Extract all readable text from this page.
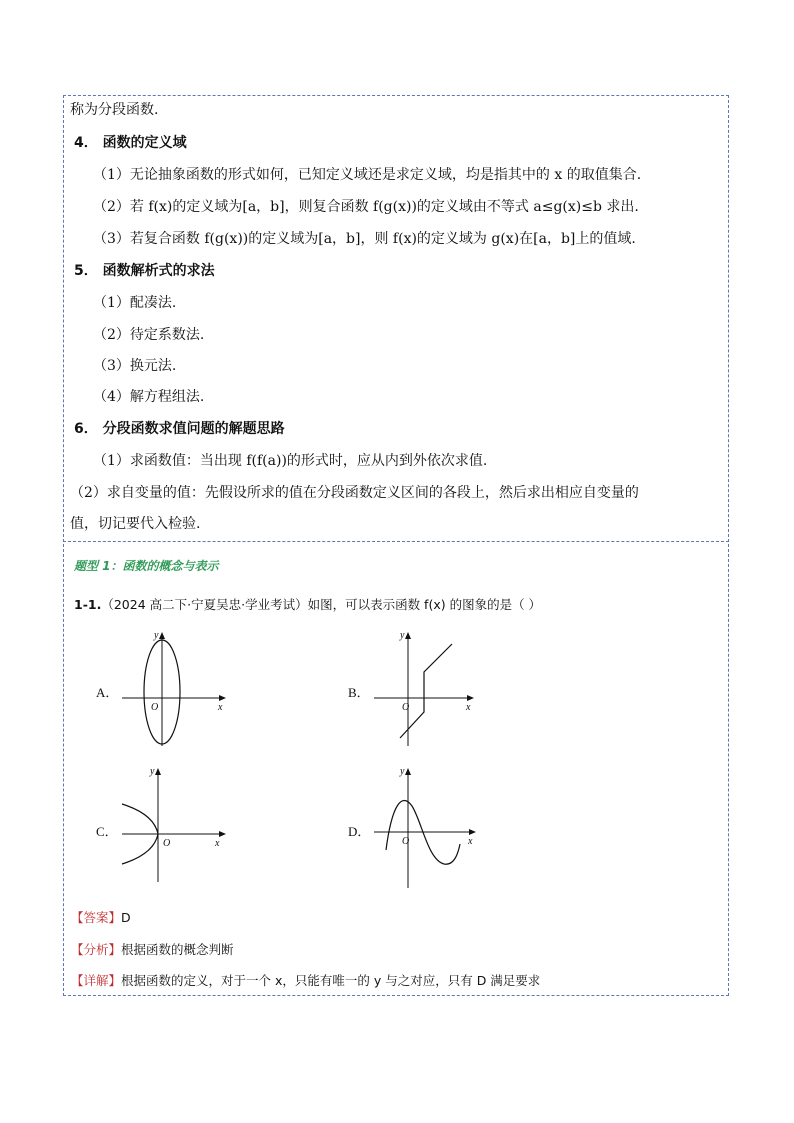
称为分段函数.
4． 函数的定义域
（1）无论抽象函数的形式如何，已知定义域还是求定义域，均是指其中的 x 的取值集合.
（2）若 f(x)的定义域为[a，b]，则复合函数 f(g(x))的定义域由不等式 a≤g(x)≤b 求出.
（3）若复合函数 f(g(x))的定义域为[a，b]，则 f(x)的定义域为 g(x)在[a，b]上的值域.
5． 函数解析式的求法
（1）配凑法.
（2）待定系数法.
（3）换元法.
（4）解方程组法.
6． 分段函数求值问题的解题思路
（1）求函数值：当出现 f(f(a))的形式时，应从内到外依次求值.
（2）求自变量的值：先假设所求的值在分段函数定义区间的各段上，然后求出相应自变量的
值，切记要代入检验.
题型 1：函数的概念与表示
1-1.（2024 高二下·宁夏吴忠·学业考试）如图，可以表示函数 f(x) 的图象的是（ ）
A．
x
y
O
B．
x
y
O
C．
x
y
O
D．
x
y
O
【答案】D
【分析】根据函数的概念判断
【详解】根据函数的定义，对于一个 x，只能有唯一的 y 与之对应，只有 D 满足要求
